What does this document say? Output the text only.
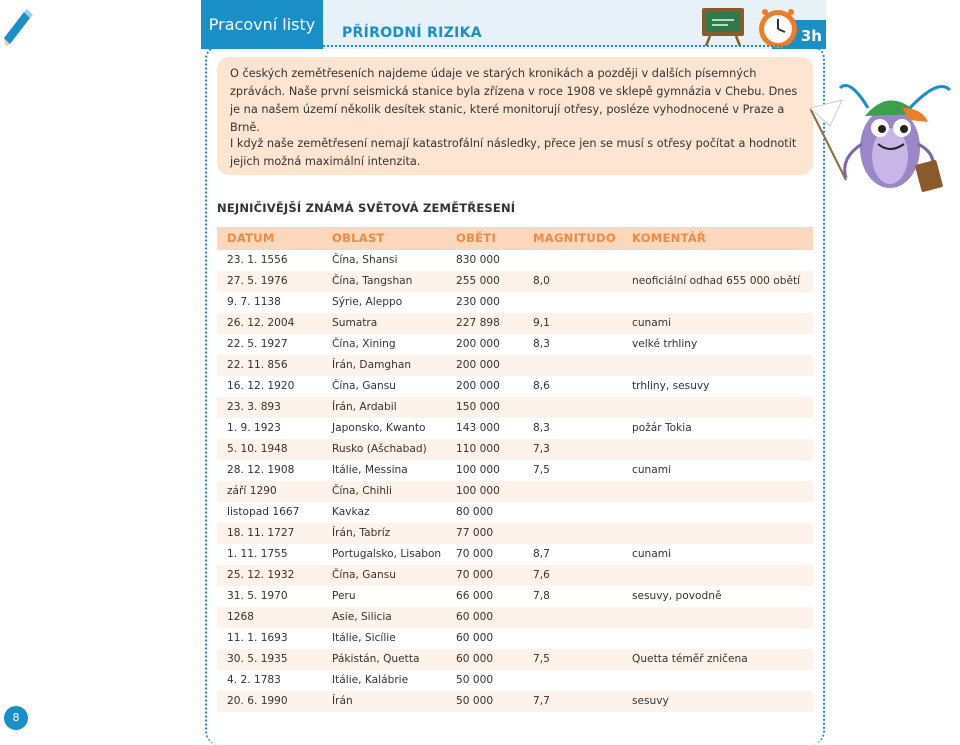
Pracovní listy	PŘÍRODNÍ RIZIKA	3h

O českých zemětřeseních najdeme údaje ve starých kronikách a později v dalších písemných zprávách. Naše první seismická stanice byla zřízena v roce 1908 ve sklepě gymnázia v Chebu. Dnes je na našem území několik desítek stanic, které monitorují otřesy, posléze vyhodnocené v Praze a Brně.

I když naše zemětřesení nemají katastrofální následky, přece jen se musí s otřesy počítat a hodnotit jejich možná maximální intenzita.

NEJNIČIVĚJŠÍ ZNÁMÁ SVĚTOVÁ ZEMĚTŘESENÍ
DATUM	OBLAST	OBĚTI	MAGNITUDO KOMENTÁŘ
23. 1. 1556	Čína, Shansi	830 000
27. 5. 1976	Čína, Tangshan	255 000	8,0	neoficiální odhad 655 000 obětí
9. 7. 1138	Sýrie, Aleppo	230 000
26. 12. 2004	Sumatra	227 898	9,1	cunami
22. 5. 1927	Čína, Xining	200 000	8,3	velké trhliny
22. 11. 856	Írán, Damghan	200 000
16. 12. 1920	Čína, Gansu	200 000	8,6	trhliny, sesuvy
23. 3. 893	Írán, Ardabil	150 000
1. 9. 1923	Japonsko, Kwanto	143 000	8,3	požár Tokia
5. 10. 1948	Rusko (Ašchabad)	110 000	7,3
28. 12. 1908	Itálie, Messina	100 000	7,5	cunami
září 1290	Čína, Chihli	100 000
listopad 1667	Kavkaz	80 000
18. 11. 1727	Írán, Tabríz	77 000
1. 11. 1755	Portugalsko, Lisabon 70 000	8,7	cunami
25. 12. 1932	Čína, Gansu	70 000	7,6
31. 5. 1970	Peru	66 000	7,8	sesuvy, povodně
1268	Asie, Silicia	60 000
11. 1. 1693	Itálie, Sicílie	60 000
30. 5. 1935	Pákistán, Quetta	60 000	7,5	Quetta téměř zničena
4. 2. 1783	Itálie, Kalábrie	50 000
20. 6. 1990	Írán	50 000	7,7	sesuvy
8
